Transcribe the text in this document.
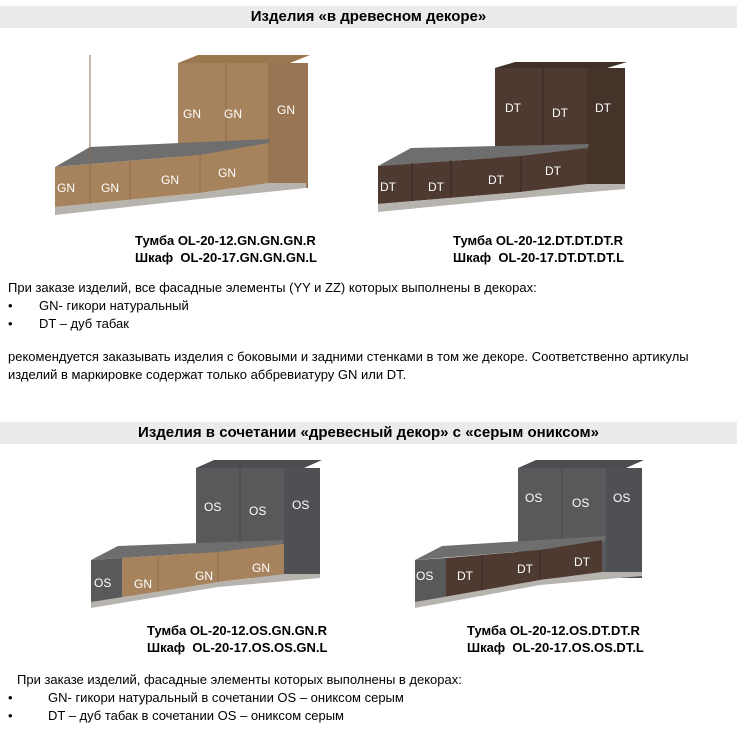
Изделия «в древесном декоре»
GN GN	GN
GN GN
GN	GN
DT	DT DT
DT	DT	DT
DT
Тумба OL-20-12.GN.GN.GN.R
Шкаф  OL-20-17.GN.GN.GN.L
Тумба OL-20-12.DT.DT.DT.R
Шкаф  OL-20-17.DT.DT.DT.L
При заказе изделий, все фасадные элементы (YY и ZZ) которых выполнены в декорах:
• GN- гикори натуральный
• DT – дуб табак
рекомендуется заказывать изделия с боковыми и задними стенками в том же декоре. Соответственно артикулы изделий в маркировке содержат только аббревиатуру GN или DT.
Изделия в сочетании «древесный декор» с «серым ониксом»
OS OS OS
OS GN
GN
GN
OS OS OS
OS DT	DT	DT
Тумба OL-20-12.OS.GN.GN.R
Шкаф  OL-20-17.OS.OS.GN.L
Тумба OL-20-12.OS.DT.DT.R
Шкаф  OL-20-17.OS.OS.DT.L
При заказе изделий, фасадные элементы которых выполнены в декорах:
•	GN- гикори натуральный в сочетании OS – ониксом серым
•	DT – дуб табак в сочетании OS – ониксом серым
